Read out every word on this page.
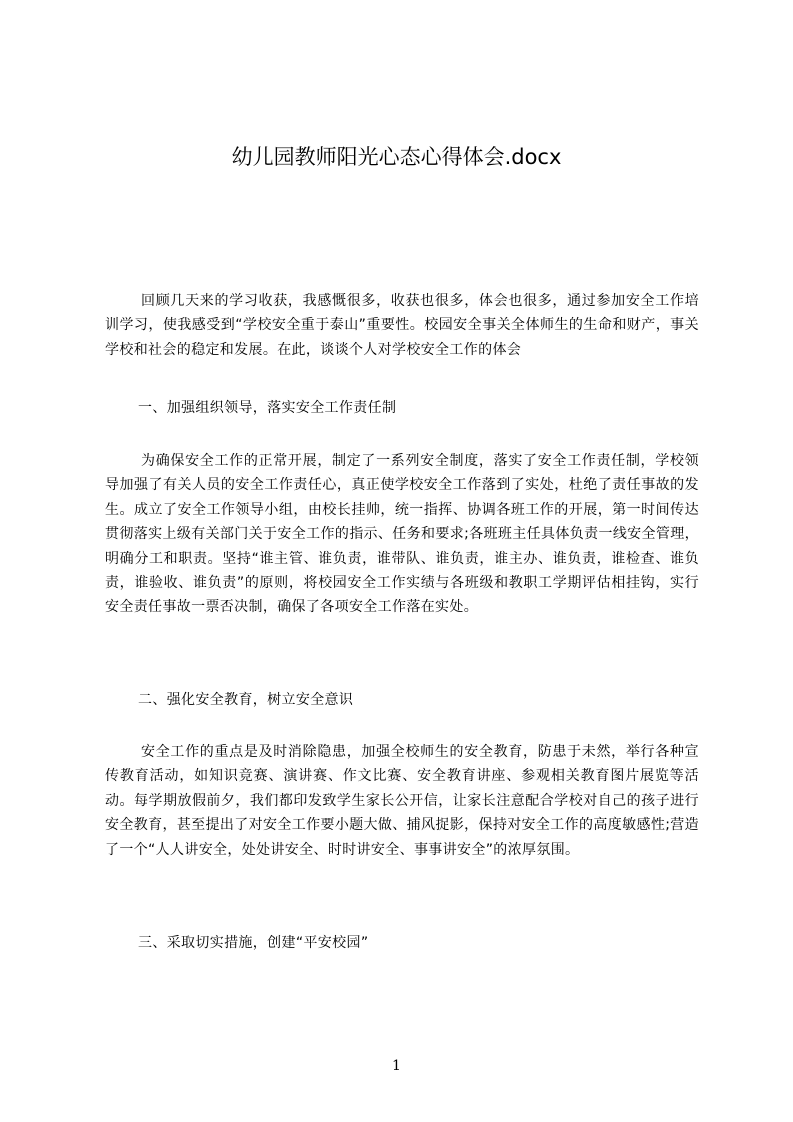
幼儿园教师阳光心态心得体会.docx

回顾几天来的学习收获，我感慨很多，收获也很多，体会也很多，通过参加安全工作培训学习，使我感受到“学校安全重于泰山”重要性。校园安全事关全体师生的生命和财产，事关学校和社会的稳定和发展。在此，谈谈个人对学校安全工作的体会

一、加强组织领导，落实安全工作责任制

为确保安全工作的正常开展，制定了一系列安全制度，落实了安全工作责任制，学校领导加强了有关人员的安全工作责任心，真正使学校安全工作落到了实处，杜绝了责任事故的发生。成立了安全工作领导小组，由校长挂帅，统一指挥、协调各班工作的开展，第一时间传达贯彻落实上级有关部门关于安全工作的指示、任务和要求;各班班主任具体负责一线安全管理，明确分工和职责。坚持“谁主管、谁负责，谁带队、谁负责，谁主办、谁负责，谁检查、谁负责，谁验收、谁负责”的原则，将校园安全工作实绩与各班级和教职工学期评估相挂钩，实行安全责任事故一票否决制，确保了各项安全工作落在实处。

二、强化安全教育，树立安全意识

安全工作的重点是及时消除隐患，加强全校师生的安全教育，防患于未然，举行各种宣传教育活动，如知识竞赛、演讲赛、作文比赛、安全教育讲座、参观相关教育图片展览等活动。每学期放假前夕，我们都印发致学生家长公开信，让家长注意配合学校对自己的孩子进行安全教育，甚至提出了对安全工作要小题大做、捕风捉影，保持对安全工作的高度敏感性;营造了一个“人人讲安全，处处讲安全、时时讲安全、事事讲安全”的浓厚氛围。

三、采取切实措施，创建“平安校园”
1
